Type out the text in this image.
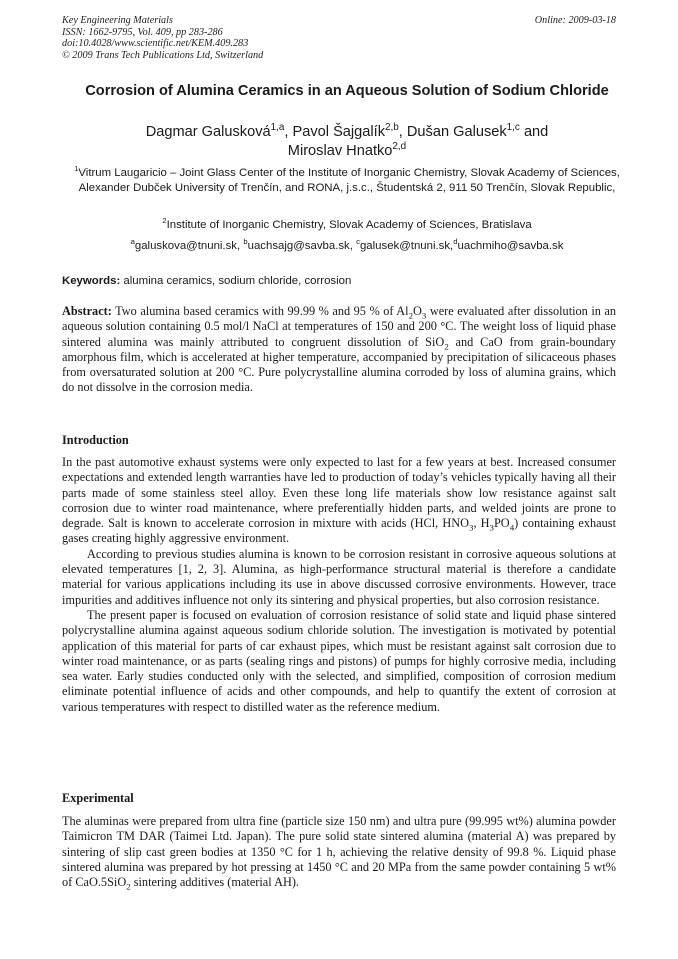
Key Engineering Materials
ISSN: 1662-9795, Vol. 409, pp 283-286
doi:10.4028/www.scientific.net/KEM.409.283
© 2009 Trans Tech Publications Ltd, Switzerland
Online: 2009-03-18
Corrosion of Alumina Ceramics in an Aqueous Solution of Sodium Chloride
Dagmar Galusková$^{1,a}$, Pavol Šajgalík$^{2,b}$, Dušan Galusek$^{1,c}$ and
Miroslav Hnatko$^{2,d}$
$^1$Vitrum Laugaricio – Joint Glass Center of the Institute of Inorganic Chemistry, Slovak Academy of Sciences, Alexander Dubček University of Trenčín, and RONA, j.s.c., Študentská 2, 911 50 Trenčín, Slovak Republic,
$^2$Institute of Inorganic Chemistry, Slovak Academy of Sciences, Bratislava
$^a$galuskova@tnuni.sk, $^b$uachsajg@savba.sk, $^c$galusek@tnuni.sk,$^d$uachmiho@savba.sk
Keywords: alumina ceramics, sodium chloride, corrosion

Abstract: Two alumina based ceramics with 99.99 % and 95 % of $Al_2O_3$ were evaluated after dissolution in an aqueous solution containing 0.5 mol/l NaCl at temperatures of 150 and 200 °C. The weight loss of liquid phase sintered alumina was mainly attributed to congruent dissolution of SiO$_2$ and CaO from grain-boundary amorphous film, which is accelerated at higher temperature, accompanied by precipitation of silicaceous phases from oversaturated solution at 200 °C. Pure polycrystalline alumina corroded by loss of alumina grains, which do not dissolve in the corrosion media.

Introduction

In the past automotive exhaust systems were only expected to last for a few years at best. Increased consumer expectations and extended length warranties have led to production of today’s vehicles typically having all their parts made of some stainless steel alloy. Even these long life materials show low resistance against salt corrosion due to winter road maintenance, where preferentially hidden parts, and welded joints are prone to degrade. Salt is known to accelerate corrosion in mixture with acids (HCl, $HNO_3$, $H_3PO_4$) containing exhaust gases creating highly aggressive environment.

According to previous studies alumina is known to be corrosion resistant in corrosive aqueous solutions at elevated temperatures [1, 2, 3]. Alumina, as high-performance structural material is therefore a candidate material for various applications including its use in above discussed corrosive environments. However, trace impurities and additives influence not only its sintering and physical properties, but also corrosion resistance.

The present paper is focused on evaluation of corrosion resistance of solid state and liquid phase sintered polycrystalline alumina against aqueous sodium chloride solution. The investigation is motivated by potential application of this material for parts of car exhaust pipes, which must be resistant against salt corrosion due to winter road maintenance, or as parts (sealing rings and pistons) of pumps for highly corrosive media, including sea water. Early studies conducted only with the selected, and simplified, composition of corrosion medium eliminate potential influence of acids and other compounds, and help to quantify the extent of corrosion at various temperatures with respect to distilled water as the reference medium.

Experimental

The aluminas were prepared from ultra fine (particle size 150 nm) and ultra pure (99.995 wt%) alumina powder Taimicron TM DAR (Taimei Ltd. Japan). The pure solid state sintered alumina (material A) was prepared by sintering of slip cast green bodies at 1350 °C for 1 h, achieving the relative density of 99.8 %. Liquid phase sintered alumina was prepared by hot pressing at 1450 °C and 20 MPa from the same powder containing 5 wt% of CaO.5SiO$_2$ sintering additives (material AH).
